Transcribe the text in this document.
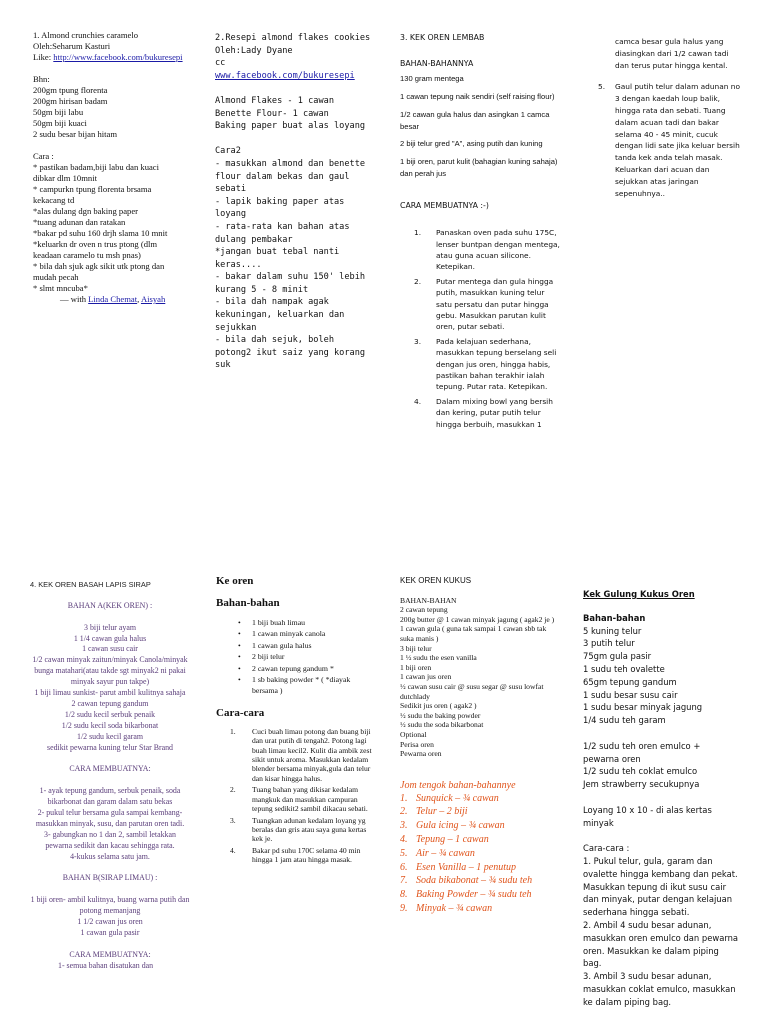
1. Almond crunchies caramelo
Oleh:Seharum Kasturi
Like: http://www.facebook.com/bukuresepi
Bhn:
200gm tpung florenta
200gm hirisan badam
50gm biji labu
50gm biji kuaci
2 sudu besar bijan hitam
Cara :
* pastikan badam,biji labu dan kuaci dibkar dlm 10mnit
* campurkn tpung florenta brsama kekacang td
*alas dulang dgn baking paper
*tuang adunan dan ratakan
*bakar pd suhu 160 drjh slama 10 mnit
*keluarkn dr oven n trus ptong (dlm keadaan caramelo tu msh pnas)
* bila dah sjuk agk sikit utk ptong dan mudah pecah
* slmt mncuba*
— with Linda Chemat, Aisyah
2.Resepi almond flakes cookies
Oleh:Lady Dyane
cc
www.facebook.com/bukuresepi

Almond Flakes - 1 cawan
Benette Flour- 1 cawan
Baking paper buat alas loyang

Cara2
- masukkan almond dan benette flour dalam bekas dan gaul sebati
- lapik baking paper atas loyang
- rata-rata kan bahan atas dulang pembakar
*jangan buat tebal nanti keras....
- bakar dalam suhu 150' lebih kurang 5 - 8 minit
- bila dah nampak agak kekuningan, keluarkan dan sejukkan
- bila dah sejuk, boleh potong2 ikut saiz yang korang suk
3. KEK OREN LEMBAB
BAHAN-BAHANNYA
130 gram mentega
1 cawan tepung naik sendiri (self raising flour)
1/2 cawan gula halus dan asingkan 1 camca besar
2 biji telur gred "A", asing putih dan kuning
1 biji oren, parut kulit (bahagian kuning sahaja) dan perah jus
CARA MEMBUATNYA :-)
1.	Panaskan oven pada suhu 175C, lenser buntpan dengan mentega, atau guna acuan silicone. Ketepikan.
2.	Putar mentega dan gula hingga putih, masukkan kuning telur satu persatu dan putar hingga gebu. Masukkan parutan kulit oren, putar sebati.
3.	Pada kelajuan sederhana, masukkan tepung berselang seli dengan jus oren, hingga habis, pastikan bahan terakhir ialah tepung. Putar rata. Ketepikan.
4.	Dalam mixing bowl yang bersih dan kering, putar putih telur hingga berbuih, masukkan 1
camca besar gula halus yang diasingkan dari 1/2 cawan tadi dan terus putar hingga kental.
5.	Gaul putih telur dalam adunan no 3 dengan kaedah loup balik, hingga rata dan sebati. Tuang dalam acuan tadi dan bakar selama 40 - 45 minit, cucuk dengan lidi sate jika keluar bersih tanda kek anda telah masak. Keluarkan dari acuan dan sejukkan atas jaringan sepenuhnya..
4. KEK OREN BASAH LAPIS SIRAP
BAHAN A(KEK OREN) :

3 biji telur ayam
1 1/4 cawan gula halus
1 cawan susu cair
1/2 cawan minyak zaitun/minyak Canola/minyak bunga matahari(atau takde sgt minyak2 ni pakai minyak sayur pun takpe)
1 biji limau sunkist- parut ambil kulitnya sahaja
2 cawan tepung gandum
1/2 sudu kecil serbuk penaik
1/2 sudu kecil soda bikarbonat
1/2 sudu kecil garam
sedikit pewarna kuning telur Star Brand

CARA MEMBUATNYA:

1- ayak tepung gandum, serbuk penaik, soda bikarbonat dan garam dalam satu bekas
2- pukul telur bersama gula sampai kembang-masukkan minyak, susu, dan parutan oren tadi.
3- gabungkan no 1 dan 2, sambil letakkan pewarna sedikit dan kacau sehingga rata.
4-kukus selama satu jam.

BAHAN B(SIRAP LIMAU) :

1 biji oren- ambil kulitnya, buang warna putih dan potong memanjang
1 1/2 cawan jus oren
1 cawan gula pasir

CARA MEMBUATNYA:
1- semua bahan disatukan dan
Ke oren
Bahan-bahan
•	1 biji buah limau
•	1 cawan minyak canola
•	1 cawan gula halus
•	2 biji telur
•	2 cawan tepung gandum *
•	1 sb baking powder * ( *diayak bersama )
Cara-cara
1.	Cuci buah limau potong dan buang biji dan urat putih di tengah2. Potong lagi buah limau kecil2. Kulit dia ambik zest sikit untuk aroma. Masukkan kedalam blender bersama minyak,gula dan telur dan kisar hingga halus.
2.	Tuang bahan yang dikisar kedalam mangkuk dan masukkan campuran tepung sedikit2 sambil dikacau sebati.
3.	Tuangkan adunan kedalam loyang yg beralas dan gris atau saya guna kertas kek je.
4.	Bakar pd suhu 170C selama 40 min hingga 1 jam atau hingga masak.
KEK OREN KUKUS

BAHAN-BAHAN
2 cawan tepung
200g butter @ 1 cawan minyak jagung ( agak2 je )
1 cawan gula ( guna tak sampai 1 cawan sbb tak suka manis )
3 biji telur
1 ½ sudu the esen vanilla
1 biji oren
1 cawan jus oren
½ cawan susu cair @ susu segar @ susu lowfat dutchlady
Sedikit jus oren ( agak2 )
½ sudu the baking powder
½ sudu the soda bikarbonat
Optional
Perisa oren
Pewarna oren
Jom tengok bahan-bahannye
1. Sunquick – ¾ cawan
2. Telur – 2 biji
3. Gula icing – ¾ cawan
4. Tepung – 1 cawan
5. Air – ¾ cawan
6. Esen Vanilla – 1 penutup
7. Soda bikabonat – ¾ sudu teh
8. Baking Powder – ¾ sudu teh
9. Minyak – ¾ cawan
Kek Gulung Kukus Oren
Bahan-bahan
5 kuning telur
3 putih telur
75gm gula pasir
1 sudu teh ovalette
65gm tepung gandum
1 sudu besar susu cair
1 sudu besar minyak jagung
1/4 sudu teh garam

1/2 sudu teh oren emulco + pewarna oren
1/2 sudu teh coklat emulco
Jem strawberry secukupnya

Loyang 10 x 10 - di alas kertas minyak

Cara-cara :
1. Pukul telur, gula, garam dan ovalette hingga kembang dan pekat. Masukkan tepung di ikut susu cair dan minyak, putar dengan kelajuan sederhana hingga sebati.
2. Ambil 4 sudu besar adunan, masukkan oren emulco dan pewarna oren. Masukkan ke dalam piping bag.
3. Ambil 3 sudu besar adunan, masukkan coklat emulco, masukkan ke dalam piping bag.
